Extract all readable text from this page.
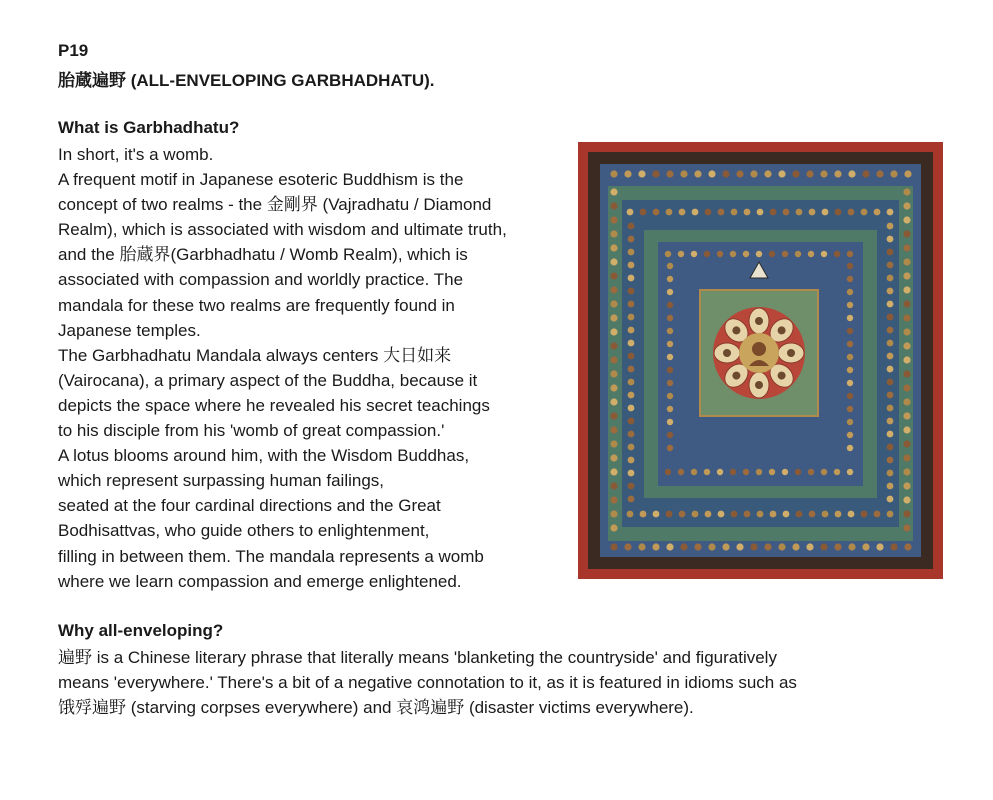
P19
胎蔵遍野 (ALL-ENVELOPING GARBHADHATU).
What is Garbhadhatu?
In short, it's a womb.
A frequent motif in Japanese esoteric Buddhism is the
concept of two realms - the 金剛界 (Vajradhatu / Diamond
Realm), which is associated with wisdom and ultimate truth,
and the 胎蔵界(Garbhadhatu / Womb Realm), which is
associated with compassion and worldly practice. The
mandala for these two realms are frequently found in
Japanese temples.
The Garbhadhatu Mandala always centers 大日如来
(Vairocana), a primary aspect of the Buddha, because it
depicts the space where he revealed his secret teachings
to his disciple from his 'womb of great compassion.'
A lotus blooms around him, with the Wisdom Buddhas,
which represent surpassing human failings,
seated at the four cardinal directions and the Great
Bodhisattvas, who guide others to enlightenment,
filling in between them. The mandala represents a womb
where we learn compassion and emerge enlightened.
Why all-enveloping?
遍野 is a Chinese literary phrase that literally means 'blanketing the countryside' and figuratively
means 'everywhere.' There's a bit of a negative connotation to it, as it is featured in idioms such as
饿殍遍野 (starving corpses everywhere) and 哀鸿遍野 (disaster victims everywhere).
